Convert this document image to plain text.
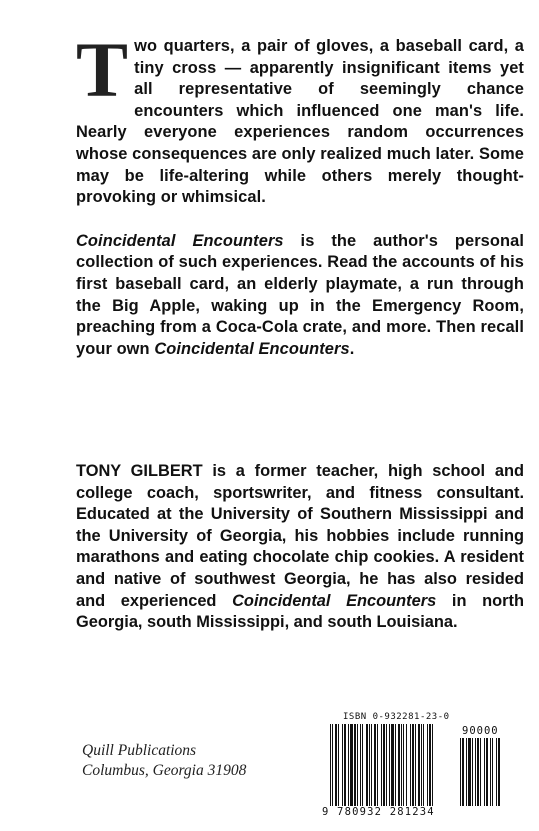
Two quarters, a pair of gloves, a baseball card, a tiny cross — apparently insignificant items yet all representative of seemingly chance encounters which influenced one man's life. Nearly everyone experiences random occurrences whose consequences are only realized much later. Some may be life-altering while others merely thought-provoking or whimsical.

Coincidental Encounters is the author's personal collection of such experiences. Read the accounts of his first baseball card, an elderly playmate, a run through the Big Apple, waking up in the Emergency Room, preaching from a Coca-Cola crate, and more. Then recall your own Coincidental Encounters.

TONY GILBERT is a former teacher, high school and college coach, sportswriter, and fitness consultant. Educated at the University of Southern Mississippi and the University of Georgia, his hobbies include running marathons and eating chocolate chip cookies. A resident and native of southwest Georgia, he has also resided and experienced Coincidental Encounters in north Georgia, south Mississippi, and south Louisiana.
Quill Publications
Columbus, Georgia 31908
ISBN 0-932281-23-0
90000
9 780932 281234
